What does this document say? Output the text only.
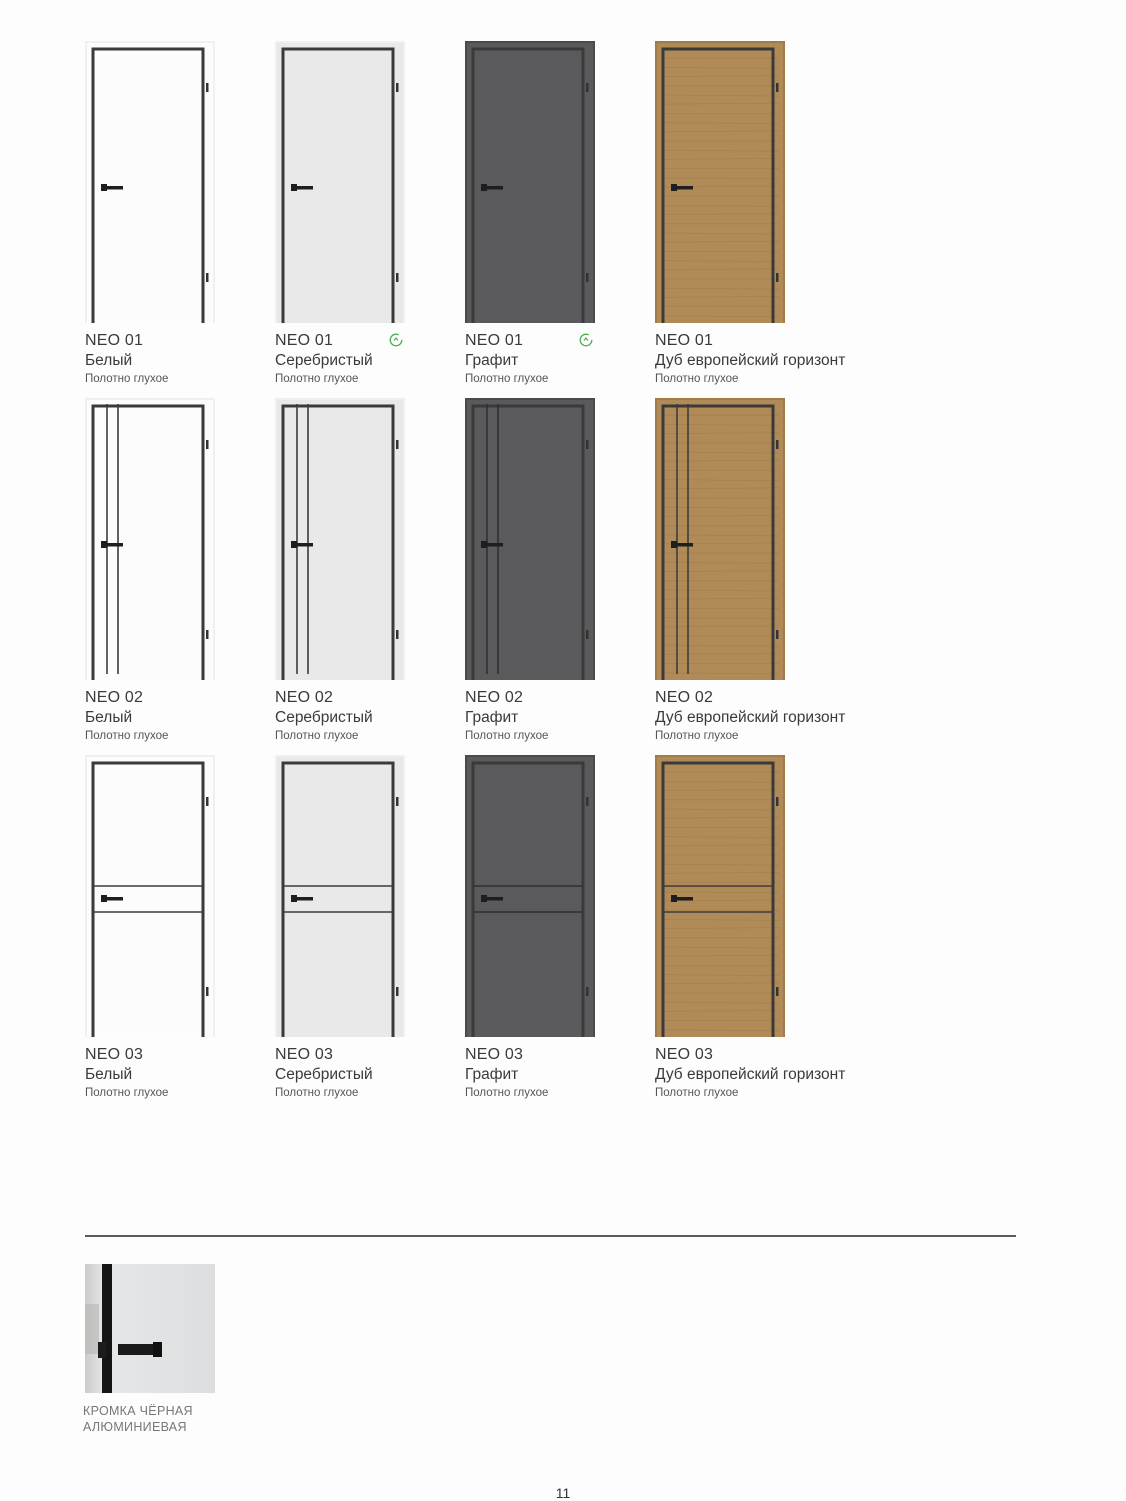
NEO 01
Белый
Полотно глухое
NEO 01
Серебристый
Полотно глухое
NEO 01
Графит
Полотно глухое
NEO 01
Дуб европейский горизонт
Полотно глухое
NEO 02
Белый
Полотно глухое
NEO 02
Серебристый
Полотно глухое
NEO 02
Графит
Полотно глухое
NEO 02
Дуб европейский горизонт
Полотно глухое
NEO 03
Белый
Полотно глухое
NEO 03
Серебристый
Полотно глухое
NEO 03
Графит
Полотно глухое
NEO 03
Дуб европейский горизонт
Полотно глухое
КРОМКА ЧЁРНАЯ
АЛЮМИНИЕВАЯ
11
